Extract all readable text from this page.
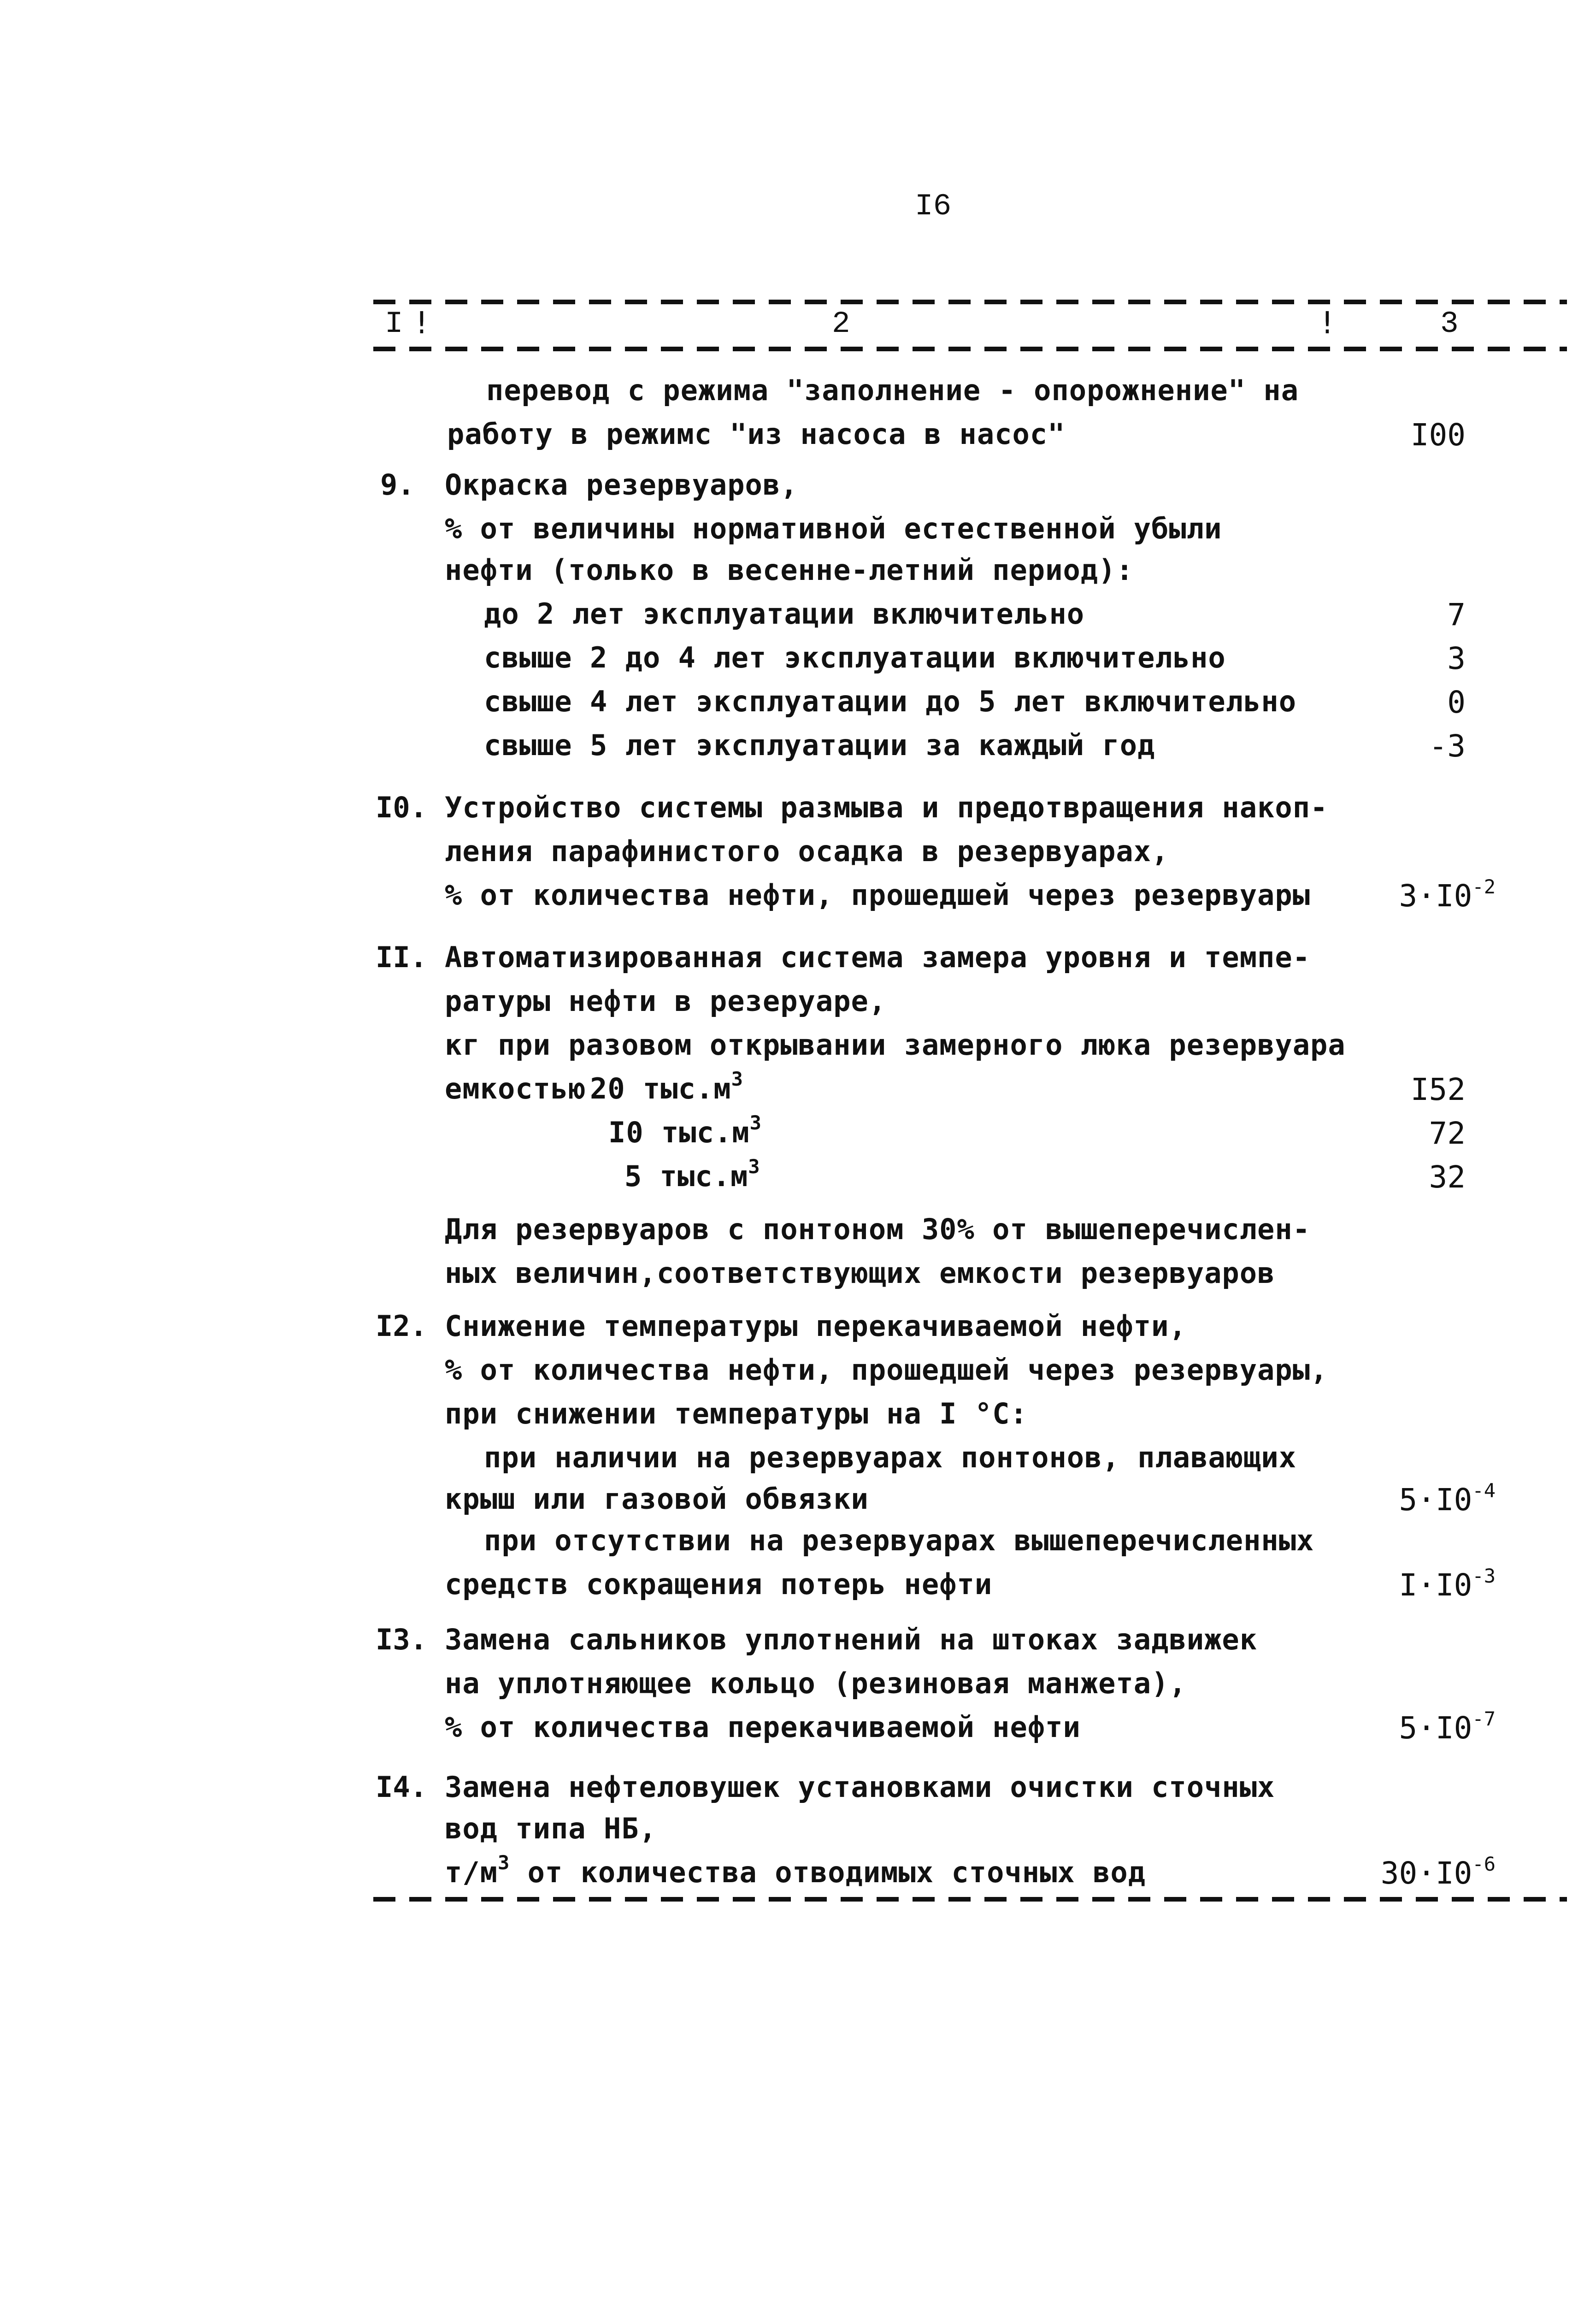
I6
I !	2	!	3
перевод с режима "заполнение - опорожнение" на
работу в режимс "из насоса в насос"	I00
9. Окраска резервуаров,
% от величины нормативной естественной убыли
нефти (только в весенне-летний период):
до 2 лет эксплуатации включительно	7
свыше 2 до 4 лет эксплуатации включительно	3
свыше 4 лет эксплуатации до 5 лет включительно	0
свыше 5 лет эксплуатации за каждый год	-3
I0. Устройство системы размыва и предотвращения накоп-
ления парафинистого осадка в резервуарах,
% от количества нефти, прошедшей через резервуары	$3\cdot I0^{-2}$
II. Автоматизированная система замера уровня и темпе-
ратуры нефти в резеруаре,
кг при разовом открывании замерного люка резервуара
емкостью 20 $тыс.м^3$	I52
I0 $тыс.м^3$	72
5 $тыс.м^3$	32
Для резервуаров с понтоном 30% от вышеперечислен-
ных величин,соответствующих емкости резервуаров
I2. Снижение температуры перекачиваемой нефти,
% от количества нефти, прошедшей через резервуары,
при снижении температуры на I °C:
при наличии на резервуарах понтонов, плавающих
крыш или газовой обвязки	$5\cdot I0^{-4}$
при отсутствии на резервуарах вышеперечисленных
средств сокращения потерь нефти	$I\cdot I0^{-3}$
I3. Замена сальников уплотнений на штоках задвижек
на уплотняющее кольцо (резиновая манжета),
% от количества перекачиваемой нефти	$5\cdot I0^{-7}$
I4. Замена нефтеловушек установками очистки сточных
вод типа НБ,
$т/м^3$ от количества отводимых сточных вод	$30\cdot I0^{-6}$
